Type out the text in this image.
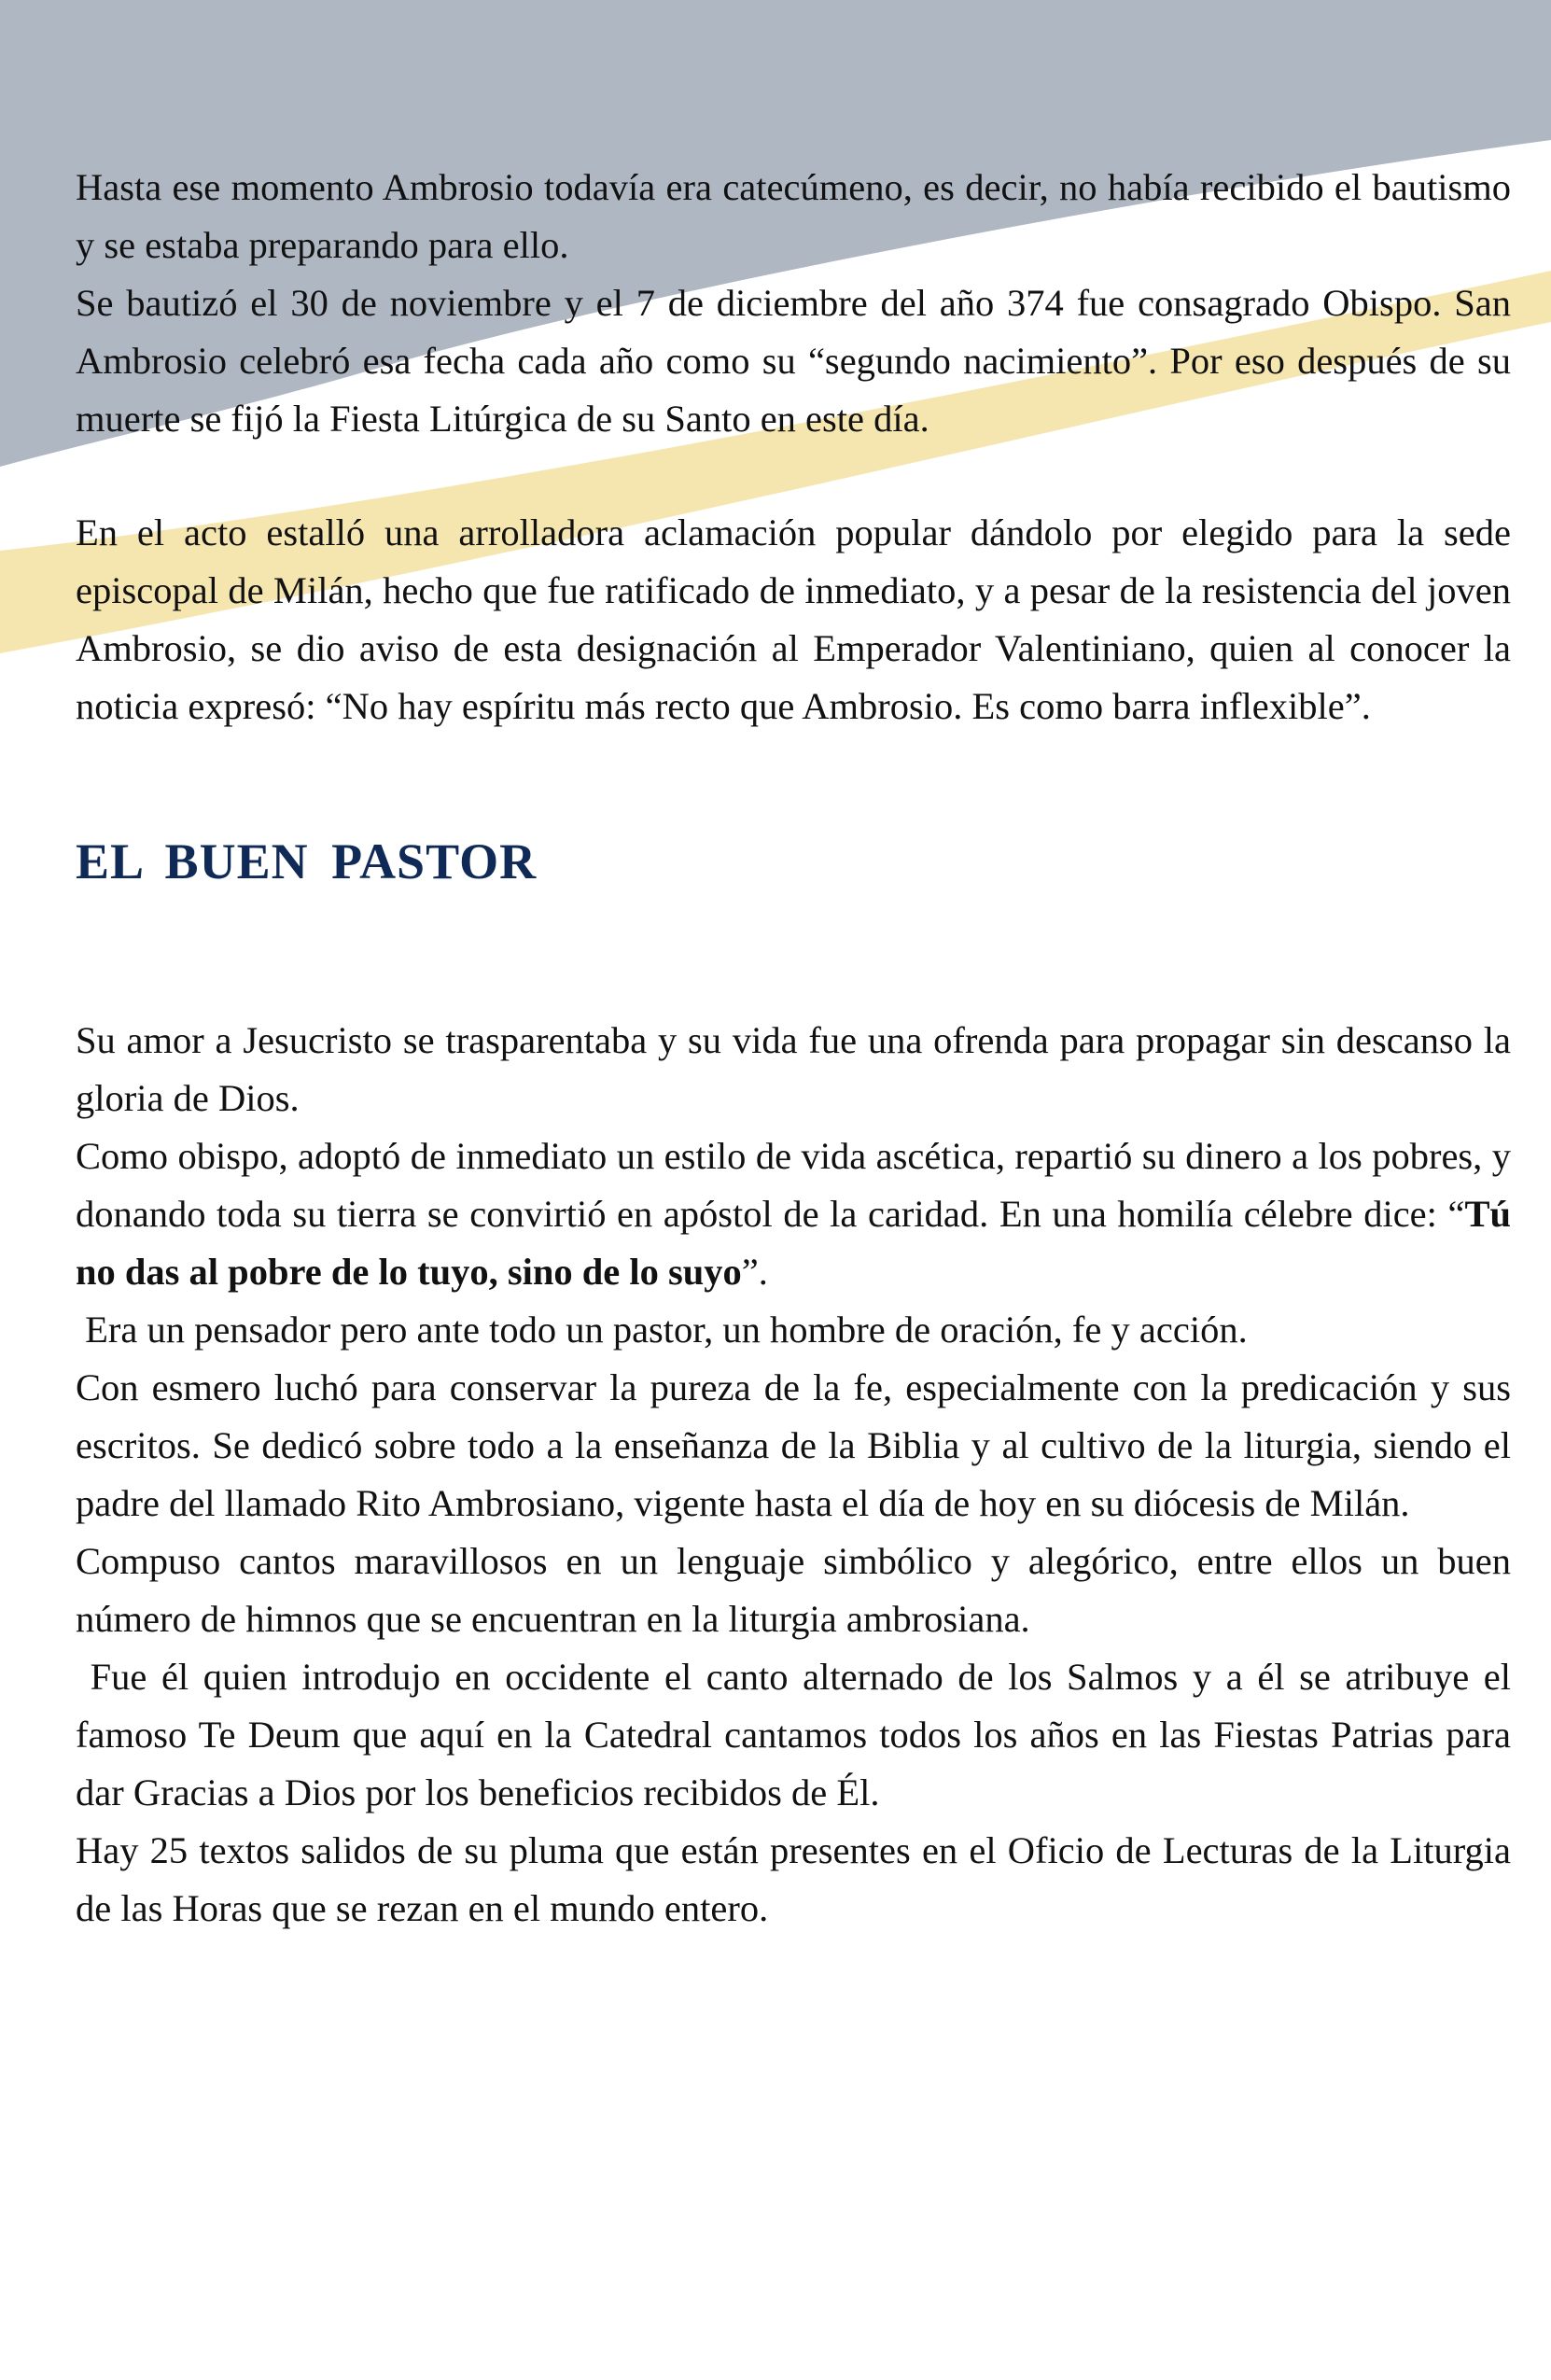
Hasta ese momento Ambrosio todavía era catecúmeno, es decir, no había recibido el bautismo y se estaba preparando para ello.

Se bautizó el 30 de noviembre y el 7 de diciembre del año 374 fue consagrado Obispo. San Ambrosio celebró esa fecha cada año como su “segundo nacimiento”. Por eso después de su muerte se fijó la Fiesta Litúrgica de su Santo en este día.

En el acto estalló una arrolladora aclamación popular dándolo por elegido para la sede episcopal de Milán, hecho que fue ratificado de inmediato, y a pesar de la resistencia del joven Ambrosio, se dio aviso de esta designación al Emperador Valentiniano, quien al conocer la noticia expresó: “No hay espíritu más recto que Ambrosio. Es como barra inflexible”.

EL BUEN PASTOR

Su amor a Jesucristo se trasparentaba y su vida fue una ofrenda para propagar sin descanso la gloria de Dios.

Como obispo, adoptó de inmediato un estilo de vida ascética, repartió su dinero a los pobres, y donando toda su tierra se convirtió en apóstol de la caridad. En una homilía célebre dice: “Tú no das al pobre de lo tuyo, sino de lo suyo”.

Era un pensador pero ante todo un pastor, un hombre de oración, fe y acción.

Con esmero luchó para conservar la pureza de la fe, especialmente con la predicación y sus escritos. Se dedicó sobre todo a la enseñanza de la Biblia y al cultivo de la liturgia, siendo el padre del llamado Rito Ambrosiano, vigente hasta el día de hoy en su diócesis de Milán.

Compuso cantos maravillosos en un lenguaje simbólico y alegórico, entre ellos un buen número de himnos que se encuentran en la liturgia ambrosiana.

Fue él quien introdujo en occidente el canto alternado de los Salmos y a él se atribuye el famoso Te Deum que aquí en la Catedral cantamos todos los años en las Fiestas Patrias para dar Gracias a Dios por los beneficios recibidos de Él.

Hay 25 textos salidos de su pluma que están presentes en el Oficio de Lecturas de la Liturgia de las Horas que se rezan en el mundo entero.
